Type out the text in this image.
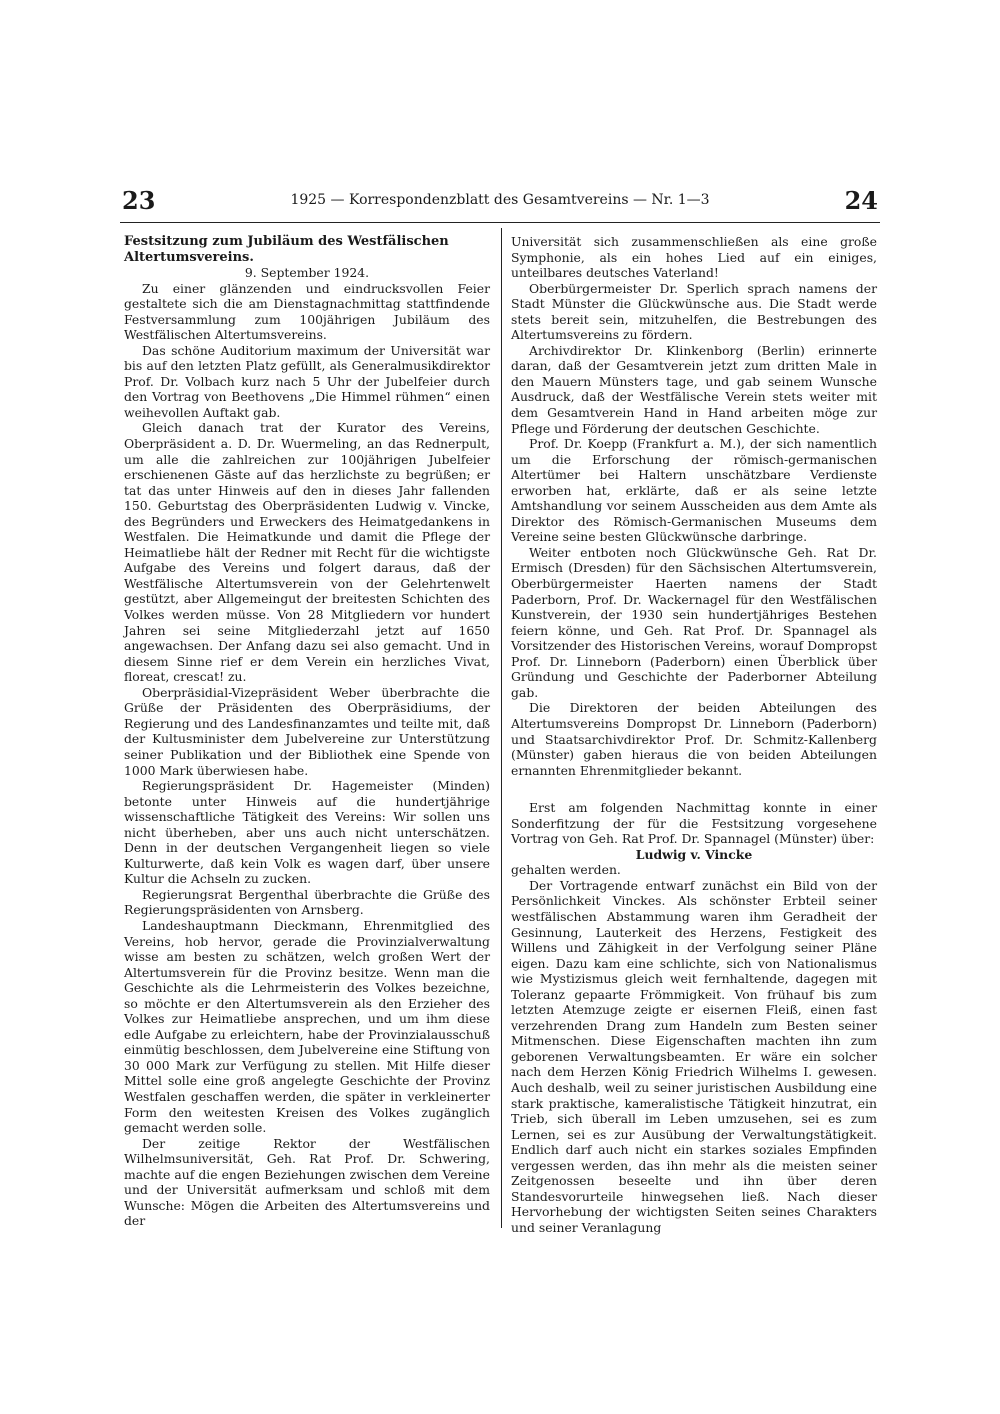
23	1925 — Korrespondenzblatt des Gesamtvereins — Nr. 1—3	24

Festsitzung zum Jubiläum des Westfälischen Altertumsvereins.

9. September 1924.

Zu einer glänzenden und eindrucksvollen Feier gestaltete sich die am Dienstagnachmittag stattfindende Festversammlung zum 100jährigen Jubiläum des Westfälischen Altertumsvereins.

Das schöne Auditorium maximum der Universität war bis auf den letzten Platz gefüllt, als Generalmusikdirektor Prof. Dr. Volbach kurz nach 5 Uhr der Jubelfeier durch den Vortrag von Beethovens „Die Himmel rühmen“ einen weihevollen Auftakt gab.

Gleich danach trat der Kurator des Vereins, Oberpräsident a. D. Dr. Wuermeling, an das Rednerpult, um alle die zahlreichen zur 100jährigen Jubelfeier erschienenen Gäste auf das herzlichste zu begrüßen; er tat das unter Hinweis auf den in dieses Jahr fallenden 150. Geburtstag des Oberpräsidenten Ludwig v. Vincke, des Begründers und Erweckers des Heimatgedankens in Westfalen. Die Heimatkunde und damit die Pflege der Heimatliebe hält der Redner mit Recht für die wichtigste Aufgabe des Vereins und folgert daraus, daß der Westfälische Altertumsverein von der Gelehrtenwelt gestützt, aber Allgemeingut der breitesten Schichten des Volkes werden müsse. Von 28 Mitgliedern vor hundert Jahren sei seine Mitgliederzahl jetzt auf 1650 angewachsen. Der Anfang dazu sei also gemacht. Und in diesem Sinne rief er dem Verein ein herzliches Vivat, floreat, crescat! zu.

Oberpräsidial-Vizepräsident Weber überbrachte die Grüße der Präsidenten des Oberpräsidiums, der Regierung und des Landesfinanzamtes und teilte mit, daß der Kultusminister dem Jubelvereine zur Unterstützung seiner Publikation und der Bibliothek eine Spende von 1000 Mark überwiesen habe.

Regierungspräsident Dr. Hagemeister (Minden) betonte unter Hinweis auf die hundertjährige wissenschaftliche Tätigkeit des Vereins: Wir sollen uns nicht überheben, aber uns auch nicht unterschätzen. Denn in der deutschen Vergangenheit liegen so viele Kulturwerte, daß kein Volk es wagen darf, über unsere Kultur die Achseln zu zucken.

Regierungsrat Bergenthal überbrachte die Grüße des Regierungspräsidenten von Arnsberg.

Landeshauptmann Dieckmann, Ehrenmitglied des Vereins, hob hervor, gerade die Provinzialverwaltung wisse am besten zu schätzen, welch großen Wert der Altertumsverein für die Provinz besitze. Wenn man die Geschichte als die Lehrmeisterin des Volkes bezeichne, so möchte er den Altertumsverein als den Erzieher des Volkes zur Heimatliebe ansprechen, und um ihm diese edle Aufgabe zu erleichtern, habe der Provinzialausschuß einmütig beschlossen, dem Jubelvereine eine Stiftung von 30 000 Mark zur Verfügung zu stellen. Mit Hilfe dieser Mittel solle eine groß angelegte Geschichte der Provinz Westfalen geschaffen werden, die später in verkleinerter Form den weitesten Kreisen des Volkes zugänglich gemacht werden solle.

Der zeitige Rektor der Westfälischen Wilhelmsuniversität, Geh. Rat Prof. Dr. Schwering, machte auf die engen Beziehungen zwischen dem Vereine und der Universität aufmerksam und schloß mit dem Wunsche: Mögen die Arbeiten des Altertumsvereins und der

Universität sich zusammenschließen als eine große Symphonie, als ein hohes Lied auf ein einiges, unteilbares deutsches Vaterland!

Oberbürgermeister Dr. Sperlich sprach namens der Stadt Münster die Glückwünsche aus. Die Stadt werde stets bereit sein, mitzuhelfen, die Bestrebungen des Altertumsvereins zu fördern.

Archivdirektor Dr. Klinkenborg (Berlin) erinnerte daran, daß der Gesamtverein jetzt zum dritten Male in den Mauern Münsters tage, und gab seinem Wunsche Ausdruck, daß der Westfälische Verein stets weiter mit dem Gesamtverein Hand in Hand arbeiten möge zur Pflege und Förderung der deutschen Geschichte.

Prof. Dr. Koepp (Frankfurt a. M.), der sich namentlich um die Erforschung der römisch-germanischen Altertümer bei Haltern unschätzbare Verdienste erworben hat, erklärte, daß er als seine letzte Amtshandlung vor seinem Ausscheiden aus dem Amte als Direktor des Römisch-Germanischen Museums dem Vereine seine besten Glückwünsche darbringe.

Weiter entboten noch Glückwünsche Geh. Rat Dr. Ermisch (Dresden) für den Sächsischen Altertumsverein, Oberbürgermeister Haerten namens der Stadt Paderborn, Prof. Dr. Wackernagel für den Westfälischen Kunstverein, der 1930 sein hundertjähriges Bestehen feiern könne, und Geh. Rat Prof. Dr. Spannagel als Vorsitzender des Historischen Vereins, worauf Dompropst Prof. Dr. Linneborn (Paderborn) einen Überblick über Gründung und Geschichte der Paderborner Abteilung gab.

Die Direktoren der beiden Abteilungen des Altertumsvereins Dompropst Dr. Linneborn (Paderborn) und Staatsarchivdirektor Prof. Dr. Schmitz-Kallenberg (Münster) gaben hieraus die von beiden Abteilungen ernannten Ehrenmitglieder bekannt.

Erst am folgenden Nachmittag konnte in einer Sonderfitzung der für die Festsitzung vorgesehene Vortrag von Geh. Rat Prof. Dr. Spannagel (Münster) über:

Ludwig v. Vincke

gehalten werden.

Der Vortragende entwarf zunächst ein Bild von der Persönlichkeit Vinckes. Als schönster Erbteil seiner westfälischen Abstammung waren ihm Geradheit der Gesinnung, Lauterkeit des Herzens, Festigkeit des Willens und Zähigkeit in der Verfolgung seiner Pläne eigen. Dazu kam eine schlichte, sich von Nationalismus wie Mystizismus gleich weit fernhaltende, dagegen mit Toleranz gepaarte Frömmigkeit. Von frühauf bis zum letzten Atemzuge zeigte er eisernen Fleiß, einen fast verzehrenden Drang zum Handeln zum Besten seiner Mitmenschen. Diese Eigenschaften machten ihn zum geborenen Verwaltungsbeamten. Er wäre ein solcher nach dem Herzen König Friedrich Wilhelms I. gewesen. Auch deshalb, weil zu seiner juristischen Ausbildung eine stark praktische, kameralistische Tätigkeit hinzutrat, ein Trieb, sich überall im Leben umzusehen, sei es zum Lernen, sei es zur Ausübung der Verwaltungstätigkeit. Endlich darf auch nicht ein starkes soziales Empfinden vergessen werden, das ihn mehr als die meisten seiner Zeitgenossen beseelte und ihn über deren Standesvorurteile hinwegsehen ließ. Nach dieser Hervorhebung der wichtigsten Seiten seines Charakters und seiner Veranlagung
